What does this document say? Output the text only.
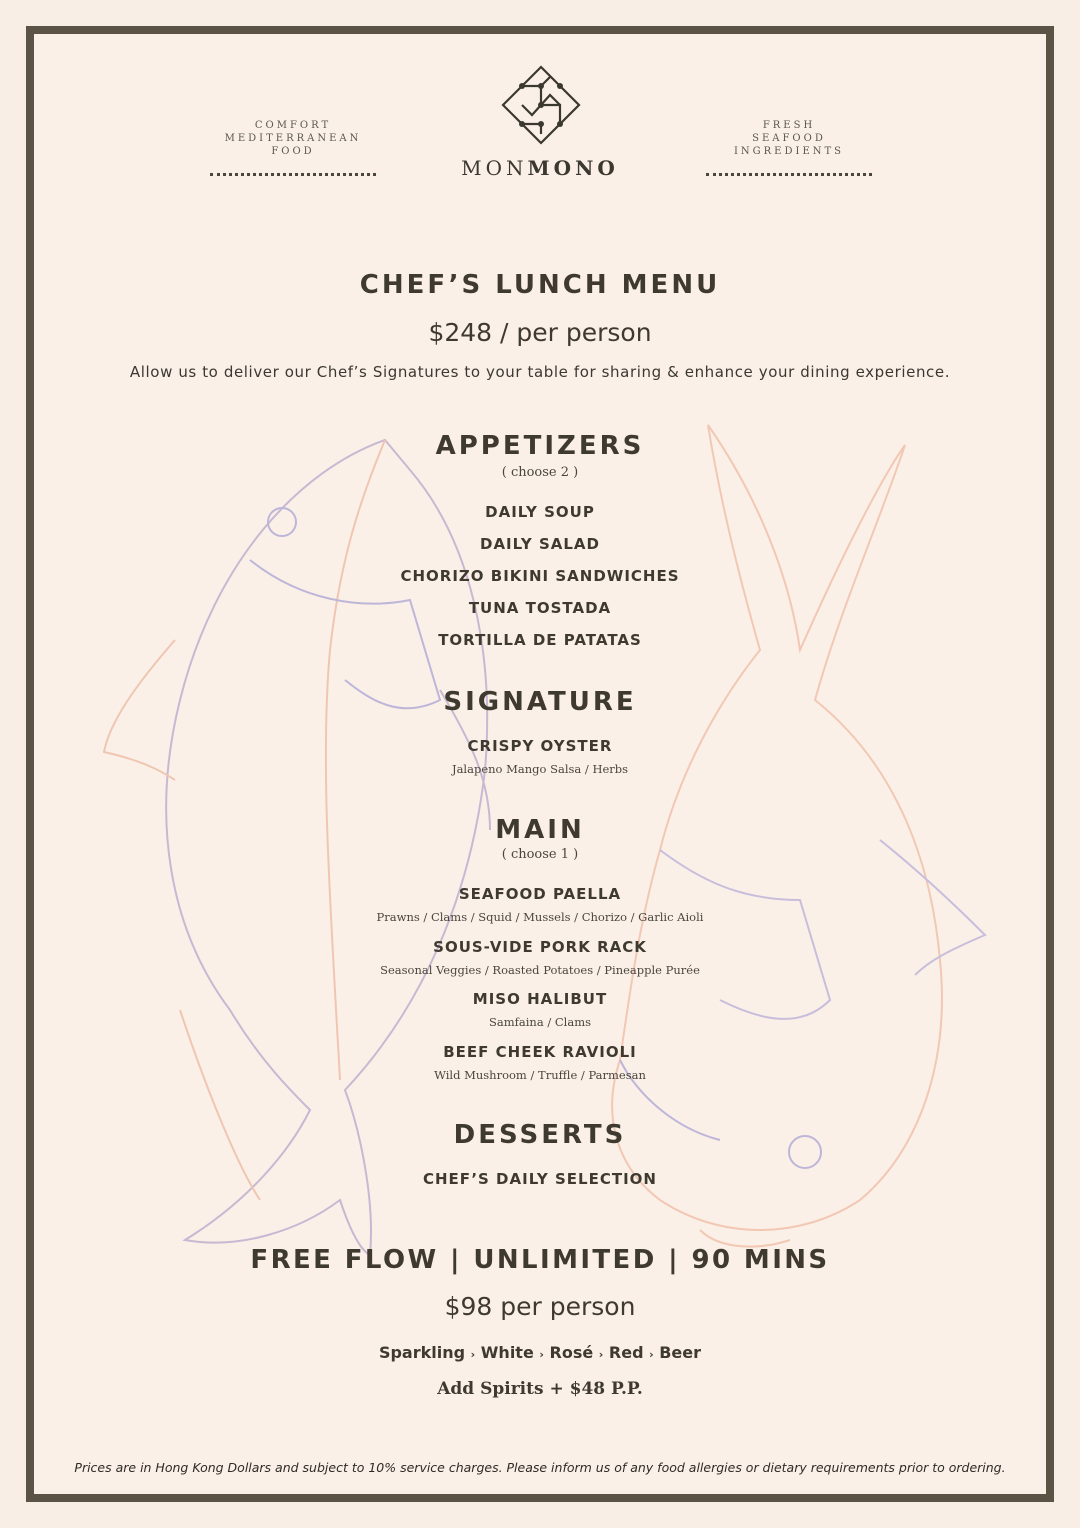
COMFORT
MEDITERRANEAN
FOOD
FRESH
SEAFOOD
INGREDIENTS
MONMONO
CHEF’S LUNCH MENU
$248 / per person
Allow us to deliver our Chef’s Signatures to your table for sharing & enhance your dining experience.
APPETIZERS
( choose 2 )
DAILY SOUP
DAILY SALAD
CHORIZO BIKINI SANDWICHES
TUNA TOSTADA
TORTILLA DE PATATAS
SIGNATURE
CRISPY OYSTER
Jalapeno Mango Salsa / Herbs
MAIN
( choose 1 )
SEAFOOD PAELLA
Prawns / Clams / Squid / Mussels / Chorizo / Garlic Aioli
SOUS-VIDE PORK RACK
Seasonal Veggies / Roasted Potatoes / Pineapple Purée
MISO HALIBUT
Samfaina / Clams
BEEF CHEEK RAVIOLI
Wild Mushroom / Truffle / Parmesan
DESSERTS
CHEF’S DAILY SELECTION
FREE FLOW | UNLIMITED | 90 MINS
$98 per person
Sparkling › White › Rosé › Red › Beer
Add Spirits + $48 P.P.
Prices are in Hong Kong Dollars and subject to 10% service charges. Please inform us of any food allergies or dietary requirements prior to ordering.
